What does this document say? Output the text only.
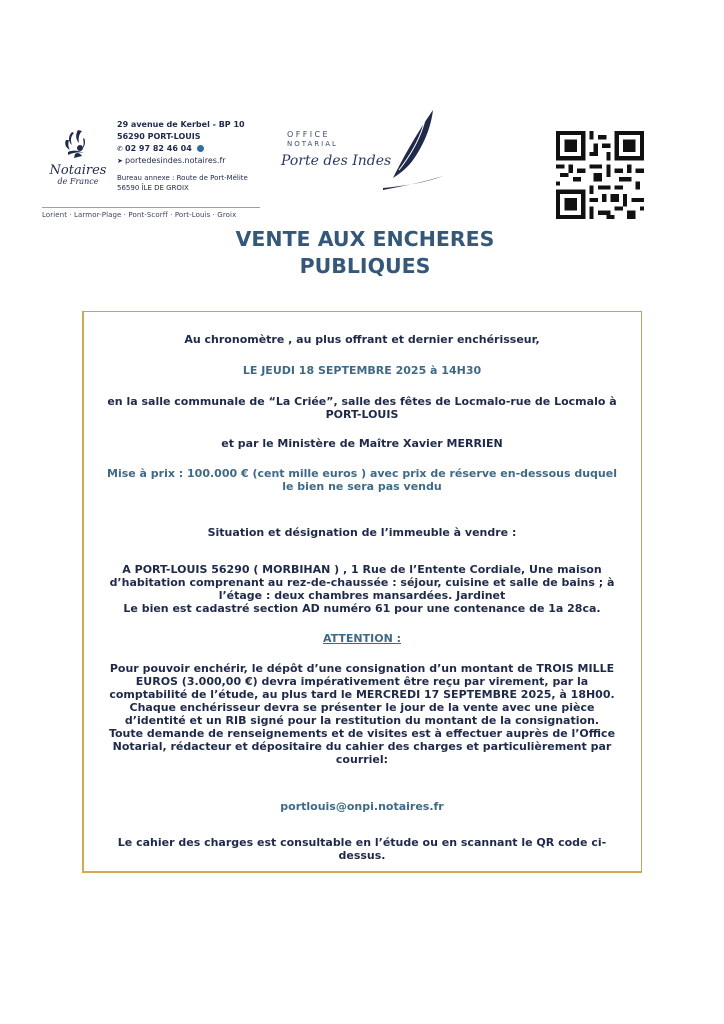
Notaires
de France
29 avenue de Kerbel - BP 10
56290 PORT-LOUIS
✆ 02 97 82 46 04
➤ portedesindes.notaires.fr
Bureau annexe : Route de Port-Mélite
56590 ÎLE DE GROIX
Lorient · Larmor-Plage · Pont-Scorff · Port-Louis · Groix
OFFICE
NOTARIAL
Porte des Indes
VENTE AUX ENCHERES
PUBLIQUES

Au chronomètre , au plus offrant et dernier enchérisseur,

LE JEUDI 18 SEPTEMBRE 2025 à 14H30

en la salle communale de “La Criée”, salle des fêtes de Locmalo-rue de Locmalo à

PORT-LOUIS

et par le Ministère de Maître Xavier MERRIEN

Mise à prix : 100.000 € (cent mille euros ) avec prix de réserve en-dessous duquel

le bien ne sera pas vendu

Situation et désignation de l’immeuble à vendre :

A PORT-LOUIS 56290 ( MORBIHAN ) , 1 Rue de l’Entente Cordiale, Une maison

d’habitation comprenant au rez-de-chaussée : séjour, cuisine et salle de bains ; à

l’étage : deux chambres mansardées. Jardinet

Le bien est cadastré section AD numéro 61 pour une contenance de 1a 28ca.

ATTENTION :

Pour pouvoir enchérir, le dépôt d’une consignation d’un montant de TROIS MILLE

EUROS (3.000,00 €) devra impérativement être reçu par virement, par la

comptabilité de l’étude, au plus tard le MERCREDI 17 SEPTEMBRE 2025, à 18H00.

Chaque enchérisseur devra se présenter le jour de la vente avec une pièce

d’identité et un RIB signé pour la restitution du montant de la consignation.

Toute demande de renseignements et de visites est à effectuer auprès de l’Office

Notarial, rédacteur et dépositaire du cahier des charges et particulièrement par

courriel:

portlouis@onpi.notaires.fr

Le cahier des charges est consultable en l’étude ou en scannant le QR code ci-

dessus.
